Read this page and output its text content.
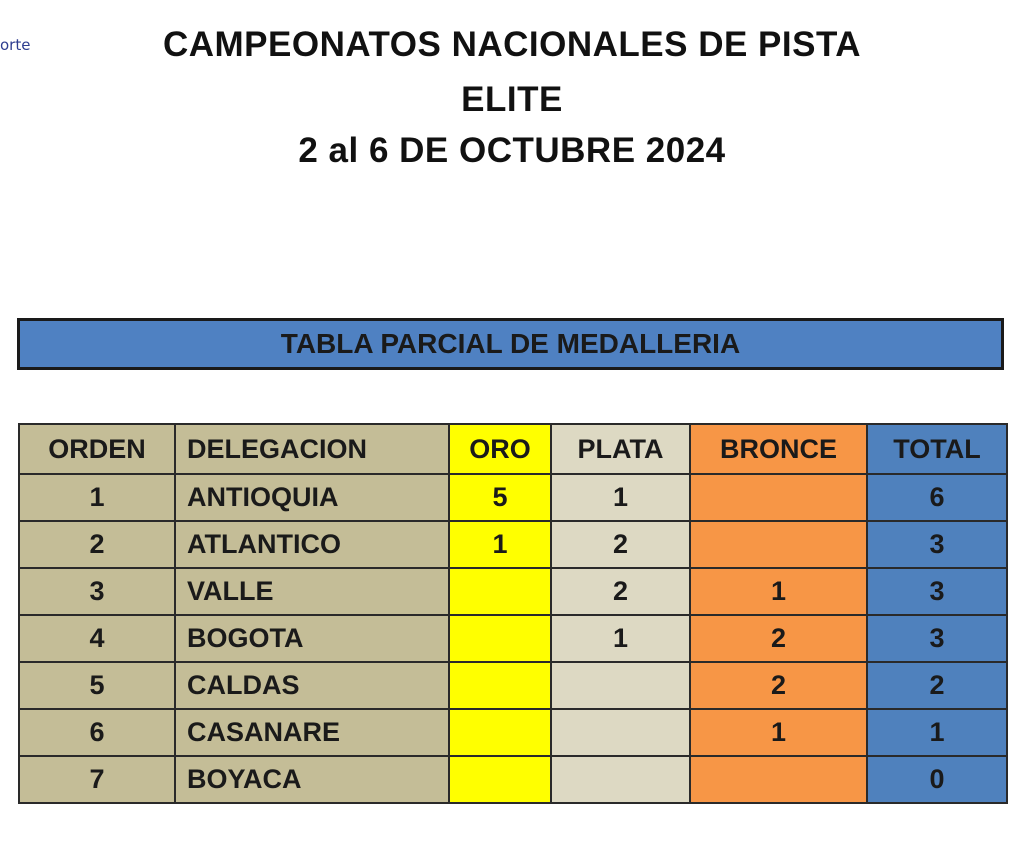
orte	CAMPEONATOS NACIONALES DE PISTA
ELITE
2 al 6 DE OCTUBRE 2024
TABLA PARCIAL DE MEDALLERIA
ORDEN	DELEGACION	ORO	PLATA	BRONCE	TOTAL
1	ANTIOQUIA	5	1		6
2	ATLANTICO	1	2		3
3	VALLE		2	1	3
4	BOGOTA		1	2	3
5	CALDAS			2	2
6	CASANARE			1	1
7	BOYACA				0
